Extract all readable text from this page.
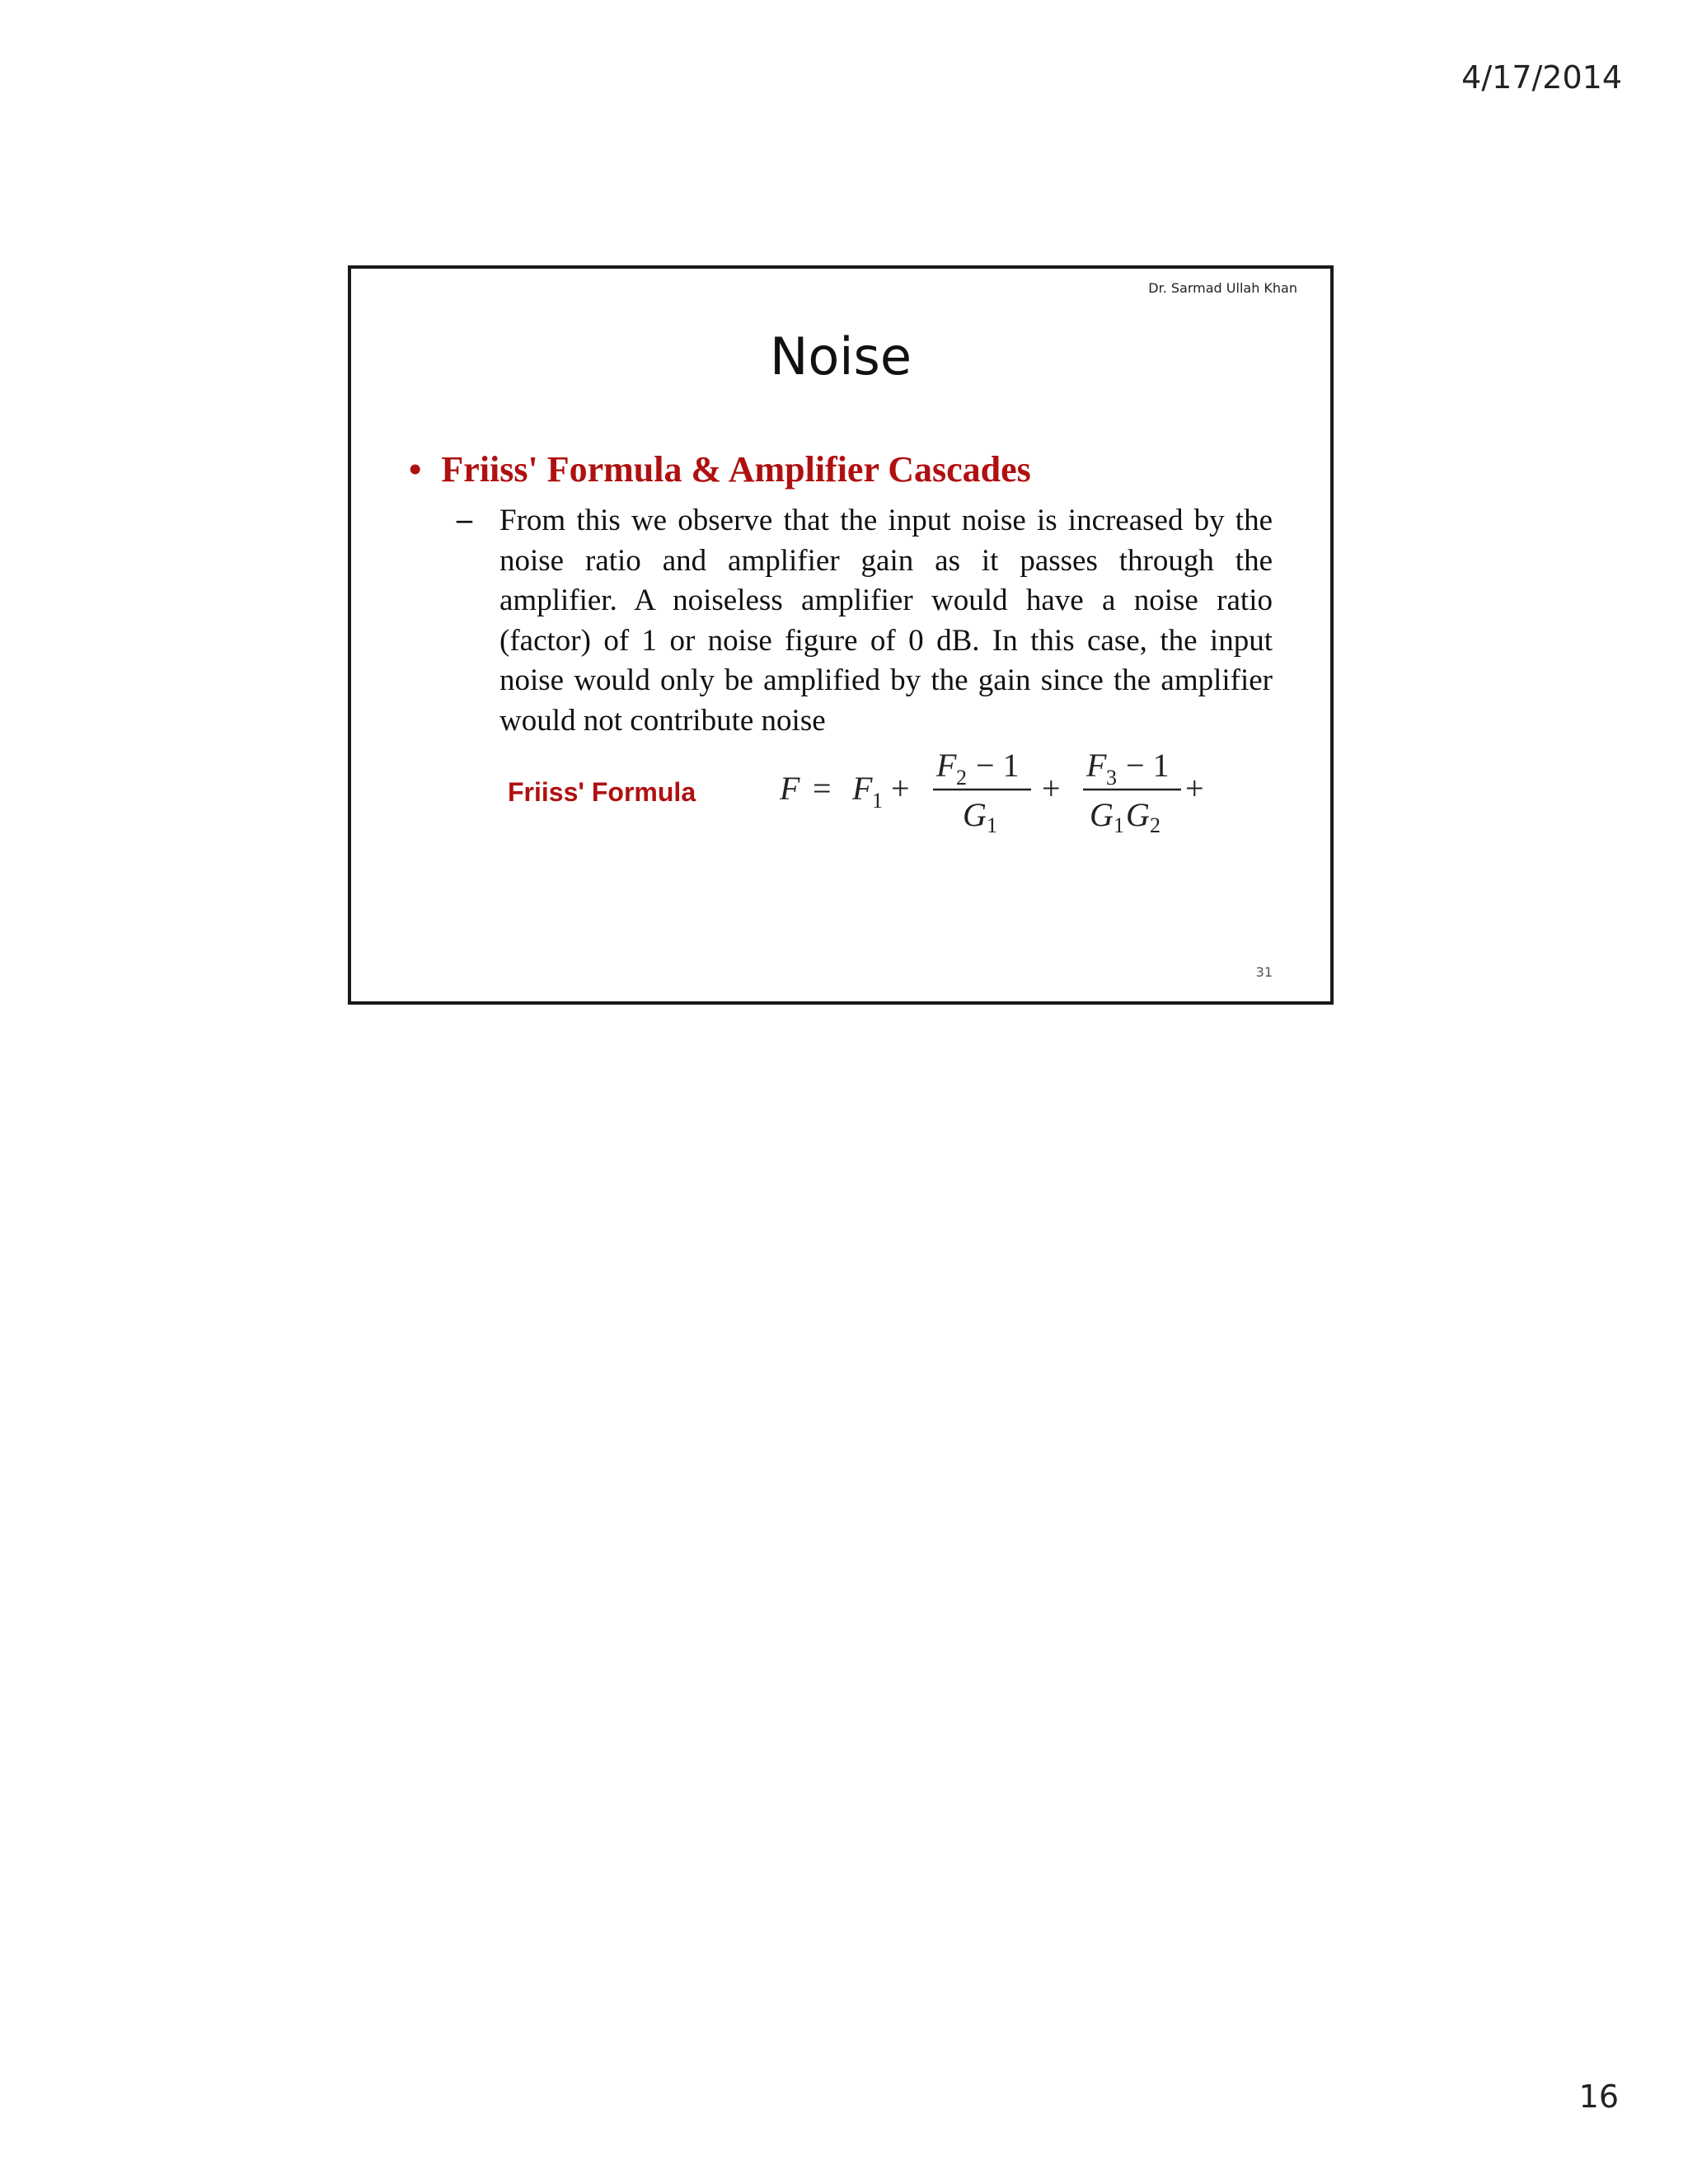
4/17/2014
Dr. Sarmad Ullah Khan
Noise
• Friiss' Formula & Amplifier Cascades
– From this we observe that the input noise is increased by the noise ratio and amplifier gain as it passes through the amplifier. A noiseless amplifier would have a noise ratio (factor) of 1 or noise figure of 0 dB. In this case, the input noise would only be amplified by the gain since the amplifier would not contribute noise
Friiss' Formula	F = F 1 +
F 2 − 1
G 1
+
F 3 − 1
G 1 G 2
+
31
16
